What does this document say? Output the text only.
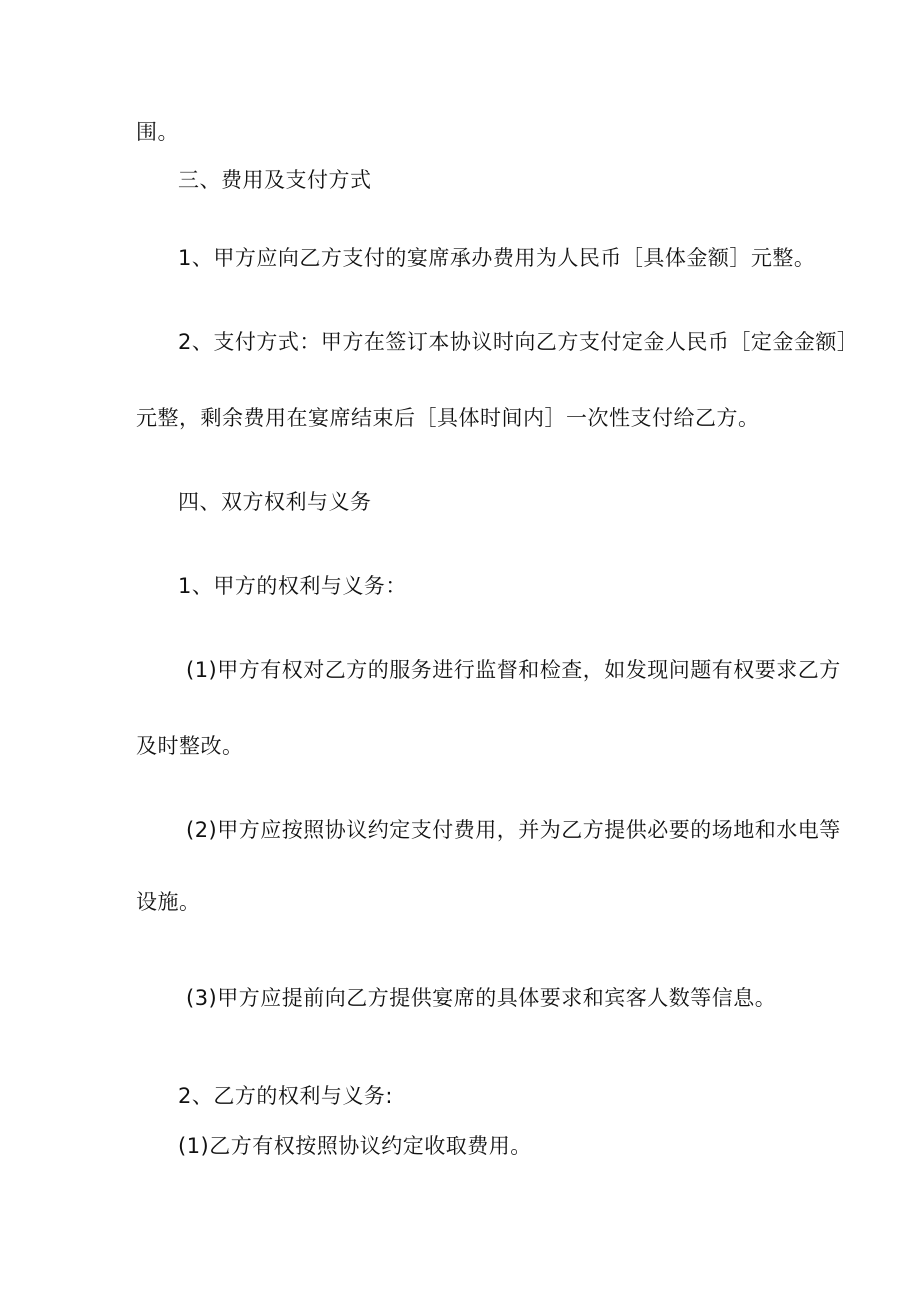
围。
三、费用及支付方式
1、甲方应向乙方支付的宴席承办费用为人民币［具体金额］元整。
2、支付方式：甲方在签订本协议时向乙方支付定金人民币［定金金额］
元整，剩余费用在宴席结束后［具体时间内］一次性支付给乙方。
四、双方权利与义务
1、甲方的权利与义务：
(1)甲方有权对乙方的服务进行监督和检查，如发现问题有权要求乙方
及时整改。
(2)甲方应按照协议约定支付费用，并为乙方提供必要的场地和水电等
设施。
(3)甲方应提前向乙方提供宴席的具体要求和宾客人数等信息。
2、乙方的权利与义务:
(1)乙方有权按照协议约定收取费用。
